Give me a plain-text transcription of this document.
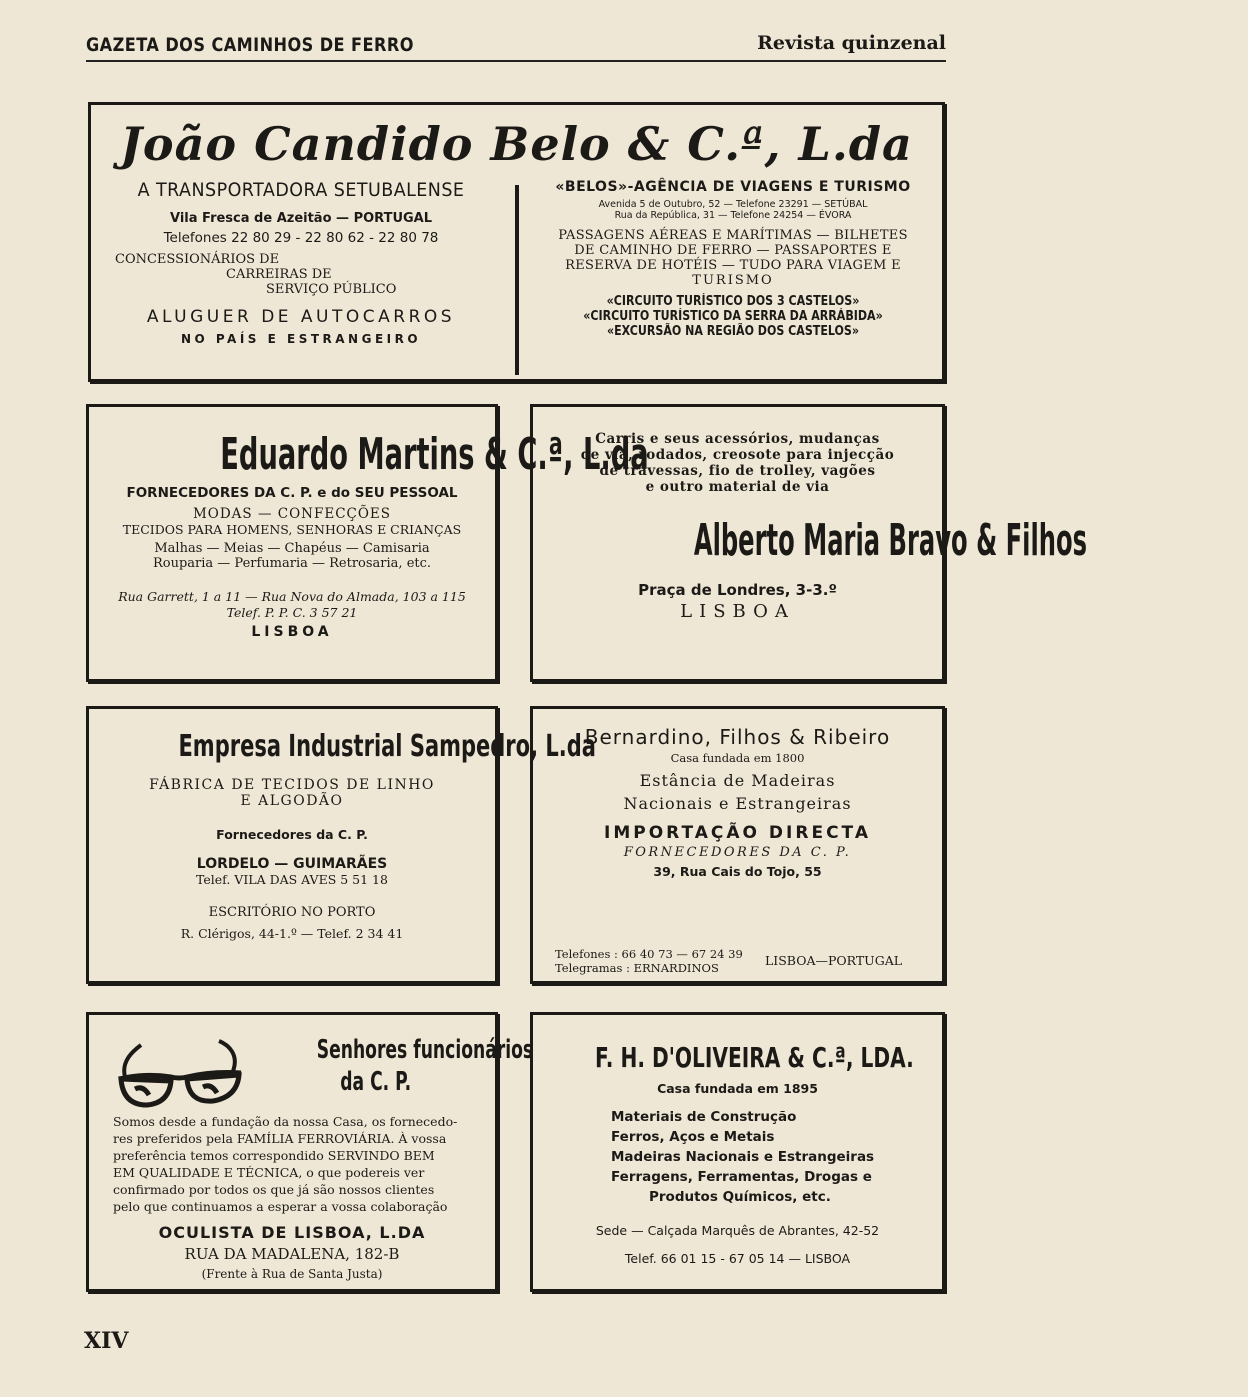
GAZETA DOS CAMINHOS DE FERRO	Revista quinzenal
João Candido Belo & C.ª, L.da
A TRANSPORTADORA SETUBALENSE
Vila Fresca de Azeitão — PORTUGAL
Telefones 22 80 29 - 22 80 62 - 22 80 78
CONCESSIONÁRIOS DE
CARREIRAS DE
SERVIÇO PÚBLICO
ALUGUER DE AUTOCARROS
NO PAÍS E ESTRANGEIRO
«BELOS»-AGÊNCIA DE VIAGENS E TURISMO
Avenida 5 de Outubro, 52 — Telefone 23291 — SETÚBAL
Rua da República, 31 — Telefone 24254 — ÉVORA
PASSAGENS AÉREAS E MARÍTIMAS — BILHETES
DE CAMINHO DE FERRO — PASSAPORTES E
RESERVA DE HOTÉIS — TUDO PARA VIAGEM E
TURISMO
«CIRCUITO TURÍSTICO DOS 3 CASTELOS»
«CIRCUITO TURÍSTICO DA SERRA DA ARRÁBIDA»
«EXCURSÃO NA REGIÃO DOS CASTELOS»
Eduardo Martins & C.ª, L.da
FORNECEDORES DA C. P. e do SEU PESSOAL
MODAS — CONFECÇÕES
TECIDOS PARA HOMENS, SENHORAS E CRIANÇAS
Malhas — Meias — Chapéus — Camisaria
Rouparia — Perfumaria — Retrosaria, etc.
Rua Garrett, 1 a 11 — Rua Nova do Almada, 103 a 115
Telef. P. P. C. 3 57 21
LISBOA
Carris e seus acessórios, mudanças
de via, rodados, creosote para injecção
de travessas, fio de trolley, vagões
e outro material de via
Alberto Maria Bravo & Filhos
Praça de Londres, 3-3.º
LISBOA
Empresa Industrial Sampedro, L.da
FÁBRICA DE TECIDOS DE LINHO
E ALGODÃO
Fornecedores da C. P.
LORDELO — GUIMARÃES
Telef. VILA DAS AVES 5 51 18
ESCRITÓRIO NO PORTO
R. Clérigos, 44-1.º — Telef. 2 34 41
Bernardino, Filhos & Ribeiro
Casa fundada em 1800
Estância de Madeiras
Nacionais e Estrangeiras
IMPORTAÇÃO DIRECTA
FORNECEDORES DA C. P.
39, Rua Cais do Tojo, 55
Telefones : 66 40 73 — 67 24 39
Telegramas : ERNARDINOS	LISBOA—PORTUGAL
Senhores funcionários
da C. P.
Somos desde a fundação da nossa Casa, os fornecedo-
res preferidos pela FAMÍLIA FERROVIÁRIA. À vossa
preferência temos correspondido SERVINDO BEM
EM QUALIDADE E TÉCNICA, o que podereis ver
confirmado por todos os que já são nossos clientes
pelo que continuamos a esperar a vossa colaboração
OCULISTA DE LISBOA, L.DA
RUA DA MADALENA, 182-B
(Frente à Rua de Santa Justa)
F. H. D'OLIVEIRA & C.ª, LDA.
Casa fundada em 1895
Materiais de Construção
Ferros, Aços e Metais
Madeiras Nacionais e Estrangeiras
Ferragens, Ferramentas, Drogas e
Produtos Químicos, etc.
Sede — Calçada Marquês de Abrantes, 42-52
Telef. 66 01 15 - 67 05 14 — LISBOA
XIV
